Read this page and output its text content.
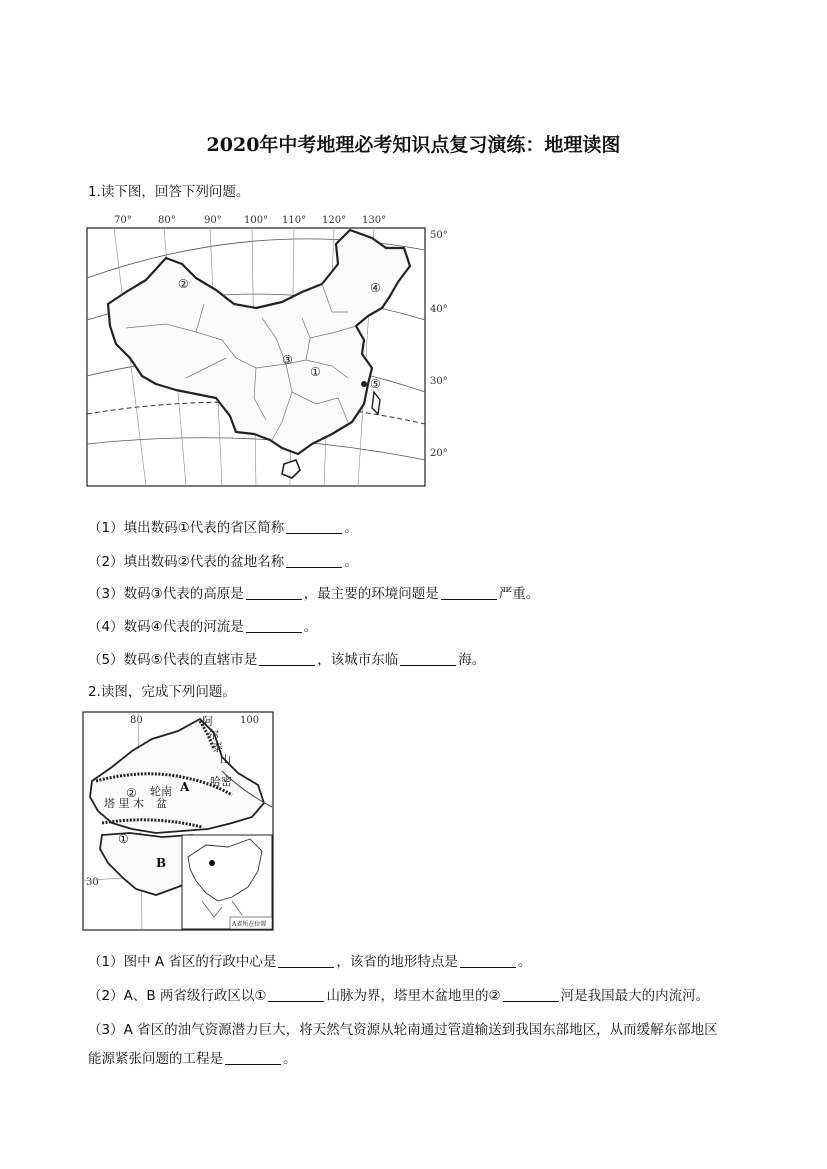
2020年中考地理必考知识点复习演练：地理读图
1.读下图，回答下列问题。
70°	80°	90° 100° 110° 120° 130°
50°
40°
30°
20°
②	④
③
①
⑤
（1）填出数码①代表的省区简称	。
（2）填出数码②代表的盆地名称	。
（3）数码③代表的高原是	，最主要的环境问题是	严重。
（4）数码④代表的河流是	。
（5）数码⑤代表的直辖市是	，该城市东临	海。
2.读图，完成下列问题。
80	100
30
阿
尔
泰
山
哈密
A
轮南
盆
塔 里 木
②
①
B
A省所在位置
（1）图中 A 省区的行政中心是	，该省的地形特点是	。
（2）A、B 两省级行政区以①	山脉为界，塔里木盆地里的②	河是我国最大的内流河。
（3）A 省区的油气资源潜力巨大，将天然气资源从轮南通过管道输送到我国东部地区，从而缓解东部地区
能源紧张问题的工程是	。
